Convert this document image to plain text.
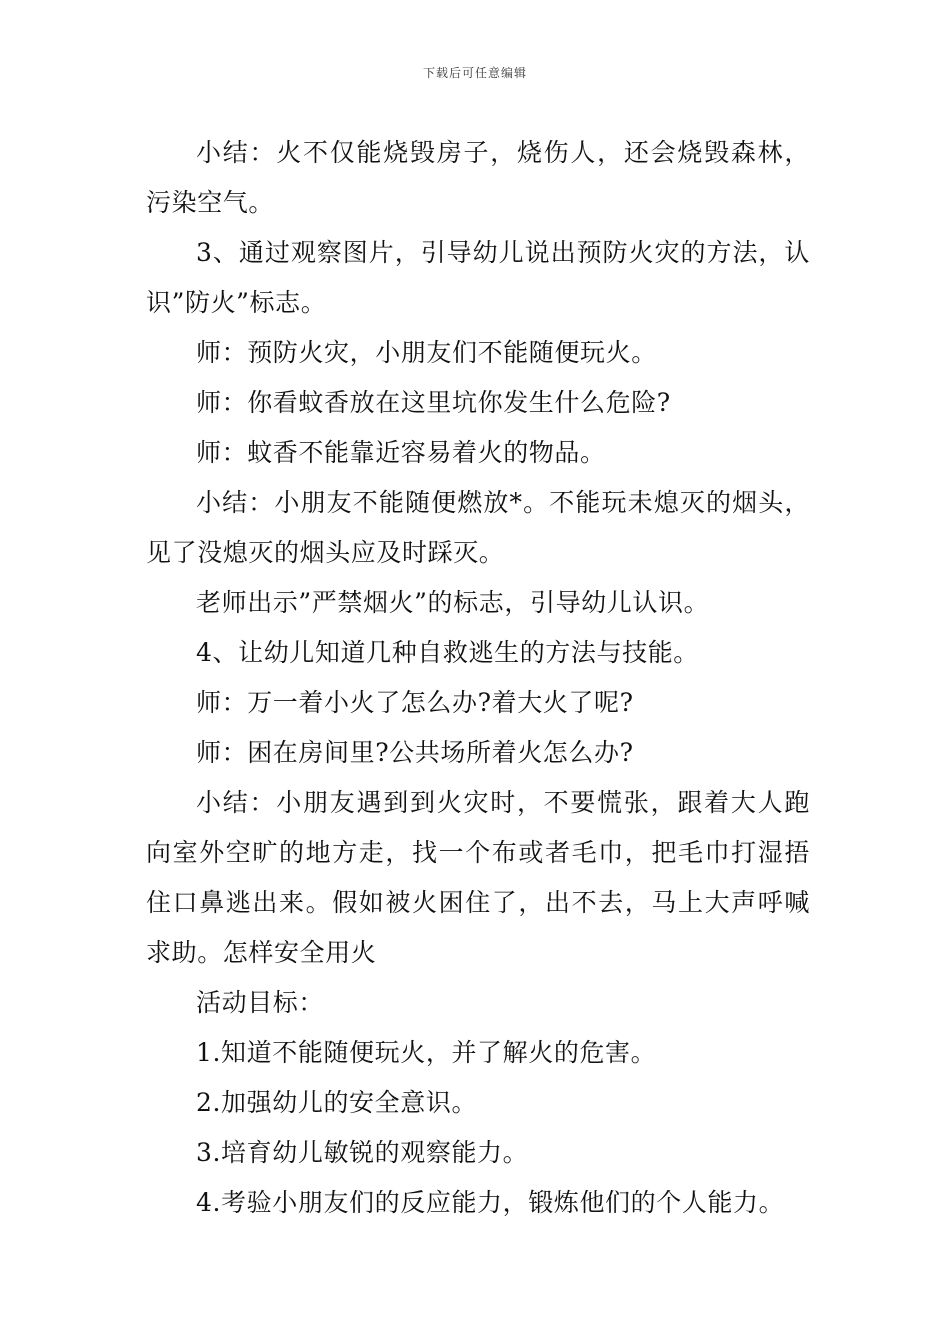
下载后可任意编辑

小结：火不仅能烧毁房子，烧伤人，还会烧毁森林，污染空气。

3、通过观察图片，引导幼儿说出预防火灾的方法，认识”防火”标志。

师：预防火灾，小朋友们不能随便玩火。

师：你看蚊香放在这里坑你发生什么危险?

师：蚊香不能靠近容易着火的物品。

小结：小朋友不能随便燃放*。不能玩未熄灭的烟头，见了没熄灭的烟头应及时踩灭。

老师出示”严禁烟火”的标志，引导幼儿认识。

4、让幼儿知道几种自救逃生的方法与技能。

师：万一着小火了怎么办?着大火了呢?

师：困在房间里?公共场所着火怎么办?

小结：小朋友遇到到火灾时，不要慌张，跟着大人跑向室外空旷的地方走，找一个布或者毛巾，把毛巾打湿捂住口鼻逃出来。假如被火困住了，出不去，马上大声呼喊求助。怎样安全用火

活动目标：

1.知道不能随便玩火，并了解火的危害。

2.加强幼儿的安全意识。

3.培育幼儿敏锐的观察能力。

4.考验小朋友们的反应能力，锻炼他们的个人能力。
